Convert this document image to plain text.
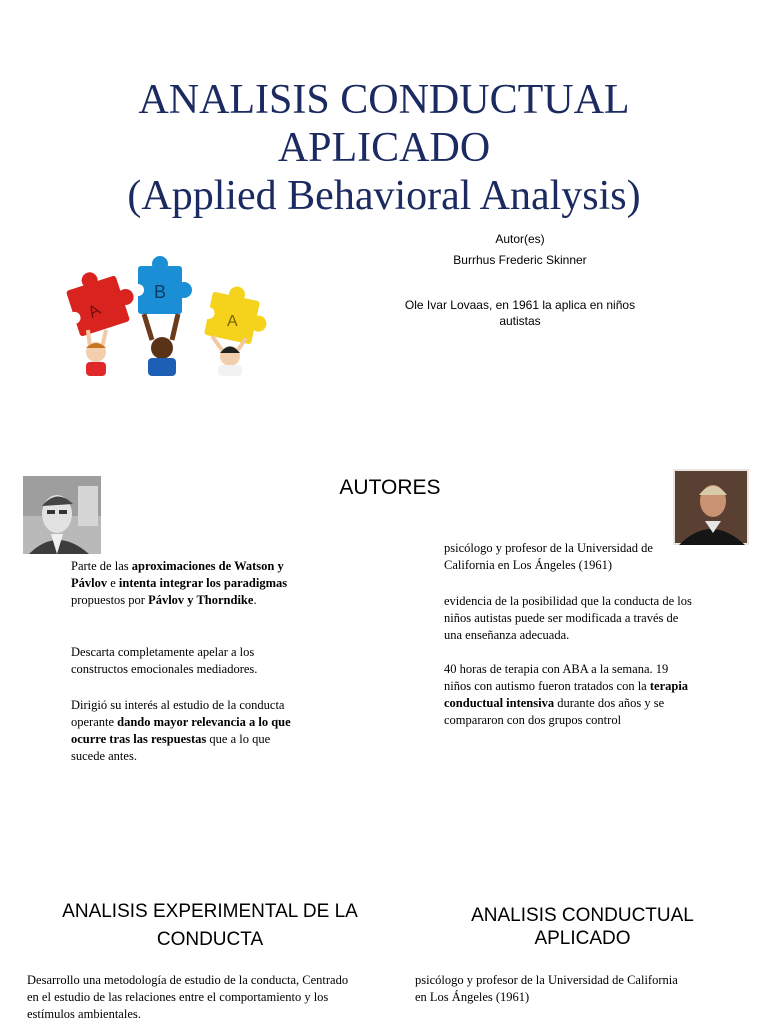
ANALISIS CONDUCTUAL
APLICADO
(Applied Behavioral Analysis)
Autor(es)
Burrhus Frederic Skinner
Ole Ivar Lovaas, en 1961 la aplica en niños autistas
A
B
A
AUTORES
Parte de las aproximaciones de Watson y Pávlov e intenta integrar los paradigmas propuestos por Pávlov y Thorndike.
Descarta completamente apelar a los constructos emocionales mediadores.
Dirigió su interés al estudio de la conducta operante dando mayor relevancia a lo que ocurre tras las respuestas que a lo que sucede antes.
psicólogo y profesor de la Universidad de California en Los Ángeles (1961)
evidencia de la posibilidad que la conducta de los niños autistas puede ser modificada a través de una enseñanza adecuada.
40 horas de terapia con ABA a la semana. 19 niños con autismo fueron tratados con la terapia conductual intensiva durante dos años y se compararon con dos grupos control
ANALISIS EXPERIMENTAL DE LA CONDUCTA
Desarrollo una metodología de estudio de la conducta, Centrado en el estudio de las relaciones entre el comportamiento y los estímulos ambientales.
ANALISIS CONDUCTUAL APLICADO
psicólogo y profesor de la Universidad de California en Los Ángeles (1961)
